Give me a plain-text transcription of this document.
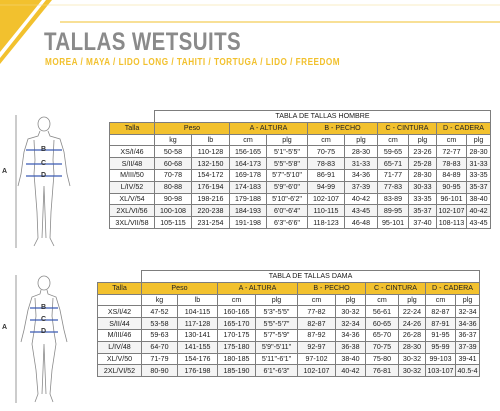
TALLAS WETSUITS
MOREA / MAYA / LIDO LONG / TAHITI / TORTUGA / LIDO / FREEDOM
A
B
C
D
A
B
C
D
	TABLA DE TALLAS HOMBRE									
Talla	Peso		A - ALTURA		B - PECHO		C - CINTURA		D - CADERA	
	kg	lb	cm	plg	cm	plg	cm	plg	cm	plg
XS/I/46	50-58	110-128	156-165	5'1"-5'5"	70-75	28-30	59-65	23-26	72-77	28-30
S/II/48	60-68	132-150	164-173	5'5"-5'8"	78-83	31-33	65-71	25-28	78-83	31-33
M/III/50	70-78	154-172	169-178	5'7"-5'10"	86-91	34-36	71-77	28-30	84-89	33-35
L/IV/52	80-88	176-194	174-183	5'9"-6'0"	94-99	37-39	77-83	30-33	90-95	35-37
XL/V/54	90-98	198-216	179-188	5'10"-6'2"	102-107	40-42	83-89	33-35	96-101	38-40
2XL/VI/56	100-108	220-238	184-193	6'0"-6'4"	110-115	43-45	89-95	35-37	102-107	40-42
3XL/VII/58	105-115	231-254	191-198	6'3"-6'6"	118-123	46-48	95-101	37-40	108-113	43-45
	TABLA DE TALLAS DAMA									
Talla	Peso		A - ALTURA		B - PECHO		C - CINTURA		D - CADERA	
	kg	lb	cm	plg	cm	plg	cm	plg	cm	plg
XS/I/42	47-52	104-115	160-165	5'3"-5'5"	77-82	30-32	56-61	22-24	82-87	32-34
S/II/44	53-58	117-128	165-170	5'5"-5'7"	82-87	32-34	60-65	24-26	87-91	34-36
M/III/46	59-63	130-141	170-175	5'7"-5'9"	87-92	34-36	65-70	26-28	91-95	36-37
L/IV/48	64-70	141-155	175-180	5'9"-5'11"	92-97	36-38	70-75	28-30	95-99	37-39
XL/V/50	71-79	154-176	180-185	5'11"-6'1"	97-102	38-40	75-80	30-32	99-103	39-41
2XL/VI/52	80-90	176-198	185-190	6'1"-6'3"	102-107	40-42	76-81	30-32	103-107	40.5-4
